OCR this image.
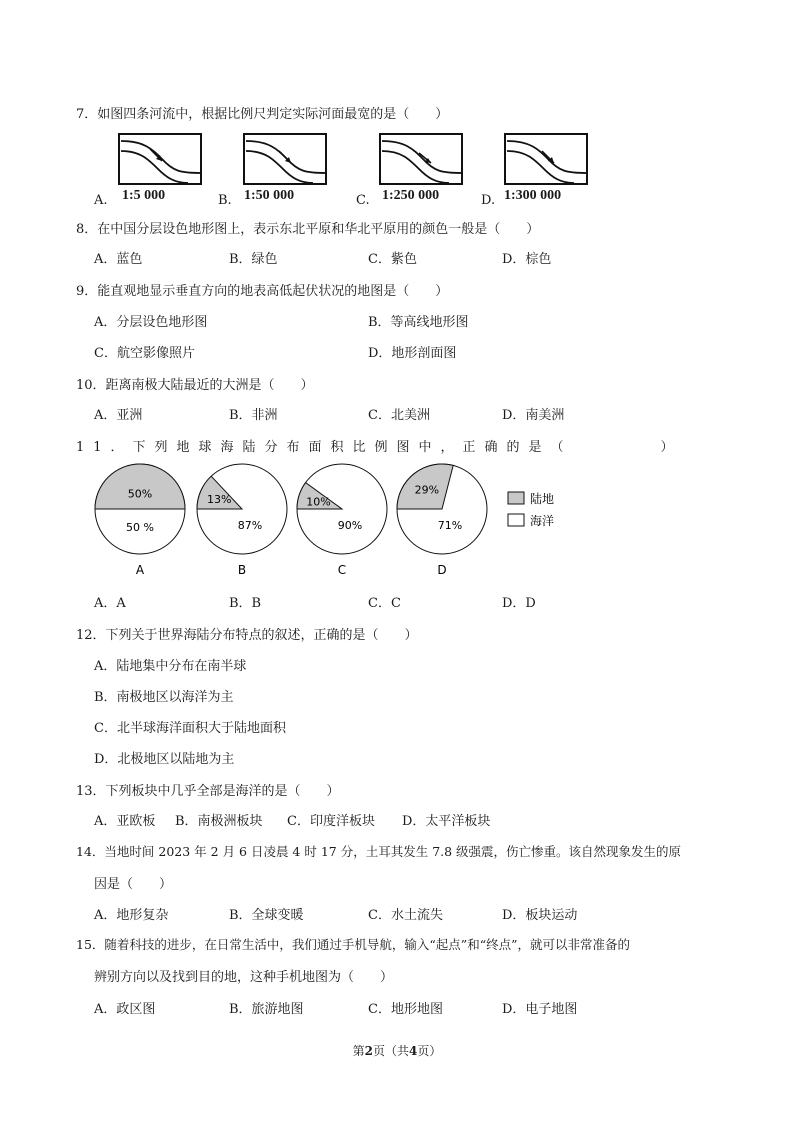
7．如图四条河流中，根据比例尺判定实际河面最宽的是（　　）
A. 1:5 000	B. 1:50 000	C. 1:250 000	D. 1:300 000
8．在中国分层设色地形图上，表示东北平原和华北平原用的颜色一般是（　　）
A．蓝色	B．绿色	C．紫色	D．棕色
9．能直观地显示垂直方向的地表高低起伏状况的地图是（　　）
A．分层设色地形图	B．等高线地形图
C．航空影像照片	D．地形剖面图
10．距离南极大陆最近的大洲是（　　）
A．亚洲	B．非洲	C．北美洲	D．南美洲
11．下列地球海陆分布面积比例图中，正确的是（　　　　）
50%
50 %
A
13%
87%
B
10%
90%
C
29%
71%
D
陆地
海洋
A．A	B．B	C．C	D．D
12．下列关于世界海陆分布特点的叙述，正确的是（　　）
A．陆地集中分布在南半球
B．南极地区以海洋为主
C．北半球海洋面积大于陆地面积
D．北极地区以陆地为主
13．下列板块中几乎全部是海洋的是（　　）
A．亚欧板 B．南极洲板块 C．印度洋板块 D．太平洋板块
14．当地时间 2023 年 2 月 6 日凌晨 4 时 17 分，土耳其发生 7.8 级强震，伤亡惨重。该自然现象发生的原
因是（　　）
A．地形复杂	B．全球变暖	C．水土流失	D．板块运动
15．随着科技的进步，在日常生活中，我们通过手机导航，输入“起点”和“终点”，就可以非常准备的
辨别方向以及找到目的地，这种手机地图为（　　）
A．政区图	B．旅游地图	C．地形地图	D．电子地图
第2页（共4页）
